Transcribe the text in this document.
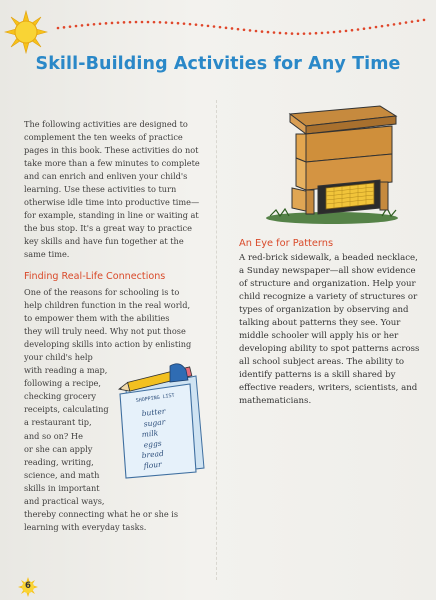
Skill-Building Activities for Any Time

The following activities are designed to
complement the ten weeks of practice
pages in this book. These activities do not
take more than a few minutes to complete
and can enrich and enliven your child's
learning. Use these activities to turn
otherwise idle time into productive time—
for example, standing in line or waiting at
the bus stop. It's a great way to practice
key skills and have fun together at the
same time.

Finding Real-Life Connections

One of the reasons for schooling is to
help children function in the real world,
to empower them with the abilities
they will truly need. Why not put those
developing skills into action by enlisting
your child's help
with reading a map,
following a recipe,
checking grocery
receipts, calculating
a restaurant tip,
and so on? He
or she can apply
reading, writing,
science, and math
skills in important
and practical ways,
thereby connecting what he or she is
learning with everyday tasks.

SHOPPING LIST
butter
sugar
milk
eggs
bread
flour
An Eye for Patterns

A red-brick sidewalk, a beaded necklace,
a Sunday newspaper—all show evidence
of structure and organization. Help your
child recognize a variety of structures or
types of organization by observing and
talking about patterns they see. Your
middle schooler will apply his or her
developing ability to spot patterns across
all school subject areas. The ability to
identify patterns is a skill shared by
effective readers, writers, scientists, and
mathematicians.

6
